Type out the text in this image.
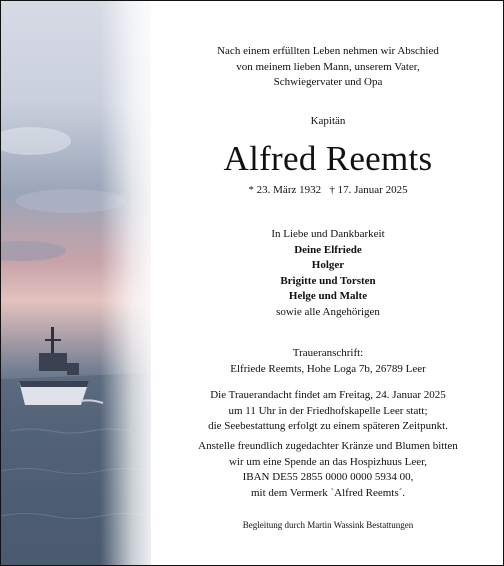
Nach einem erfüllten Leben nehmen wir Abschied
von meinem lieben Mann, unserem Vater,
Schwiegervater und Opa
Kapitän
Alfred Reemts
* 23. März 1932   † 17. Januar 2025
In Liebe und Dankbarkeit
Deine Elfriede
Holger
Brigitte und Torsten
Helge und Malte
sowie alle Angehörigen
Traueranschrift:
Elfriede Reemts, Hohe Loga 7b, 26789 Leer
Die Trauerandacht findet am Freitag, 24. Januar 2025
um 11 Uhr in der Friedhofskapelle Leer statt;
die Seebestattung erfolgt zu einem späteren Zeitpunkt.
Anstelle freundlich zugedachter Kränze und Blumen bitten
wir um eine Spende an das Hospizhuus Leer,
IBAN DE55 2855 0000 0000 5934 00,
mit dem Vermerk `Alfred Reemts´.
Begleitung durch Martin Wassink Bestattungen
